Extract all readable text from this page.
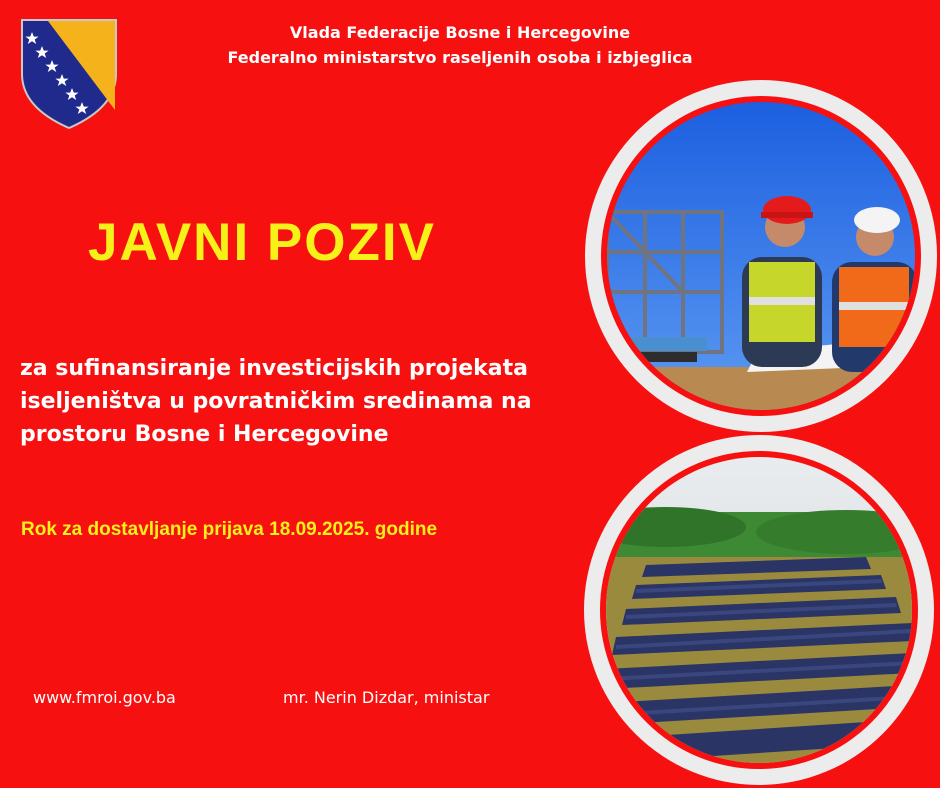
Vlada Federacije Bosne i Hercegovine
Federalno ministarstvo raseljenih osoba i izbjeglica
JAVNI POZIV
za sufinansiranje investicijskih projekata
iseljeništva u povratničkim sredinama na
prostoru Bosne i Hercegovine
Rok za dostavljanje prijava 18.09.2025. godine
www.fmroi.gov.ba	mr. Nerin Dizdar, ministar
